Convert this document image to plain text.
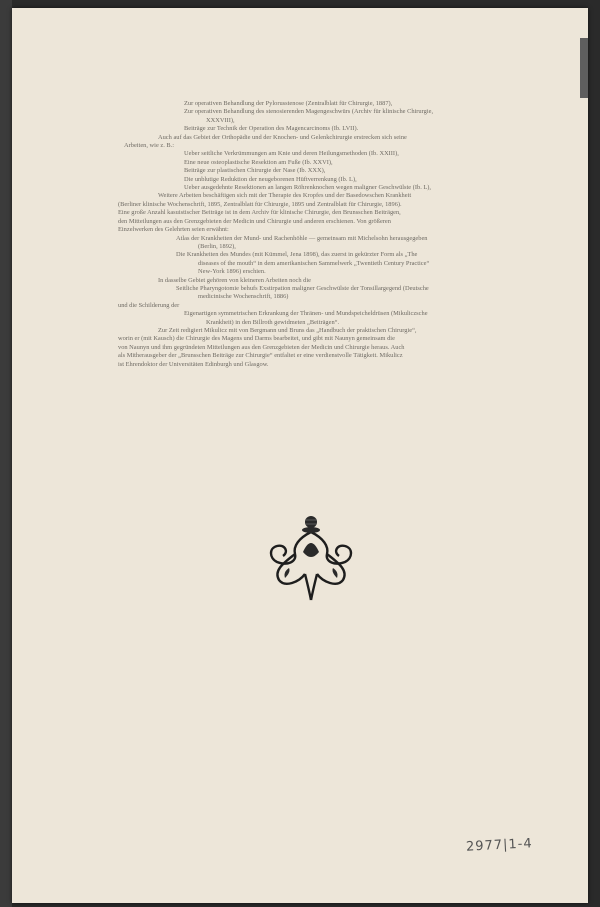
Zur operativen Behandlung der Pylorusstenose (Zentralblatt für Chirurgie, 1887),

Zur operativen Behandlung des stenosierenden Magengeschwürs (Archiv für klinische Chirurgie,

XXXVIII),

Beiträge zur Technik der Operation des Magencarcinoms (Ib. LVII).

Auch auf das Gebiet der Orthopädie und der Knochen- und Gelenkchirurgie erstrecken sich seine

Arbeiten, wie z. B.:

Ueber seitliche Verkrümmungen am Knie und deren Heilungsmethoden (Ib. XXIII),

Eine neue osteoplastische Resektion am Fuße (Ib. XXVI),

Beiträge zur plastischen Chirurgie der Nase (Ib. XXX),

Die unblutige Reduktion der neugeborenen Hüftverrenkung (Ib. L),

Ueber ausgedehnte Resektionen an langen Röhrenknochen wegen maligner Geschwülste (Ib. L),

Weitere Arbeiten beschäftigen sich mit der Therapie des Kropfes und der Basedowschen Krankheit

(Berliner klinische Wochenschrift, 1895, Zentralblatt für Chirurgie, 1895 und Zentralblatt für Chirurgie, 1896).

Eine große Anzahl kasuistischer Beiträge ist in dem Archiv für klinische Chirurgie, den Brunsschen Beiträgen,

den Mitteilungen aus den Grenzgebieten der Medicin und Chirurgie und anderen erschienen. Von größeren

Einzelwerken des Gelehrten seien erwähnt:

Atlas der Krankheiten der Mund- und Rachenhöhle — gemeinsam mit Michelsohn herausgegeben

(Berlin, 1892),

Die Krankheiten des Mundes (mit Kümmel, Jena 1898), das zuerst in gekürzter Form als „The

diseases of the mouth“ in dem amerikanischen Sammelwerk „Twentieth Century Practice“

New-York 1896) erschien.

In dasselbe Gebiet gehören von kleineren Arbeiten noch die

Seitliche Pharyngotomie behufs Exstirpation maligner Geschwülste der Tonsillargegend (Deutsche

medicinische Wochenschrift, 1886)

und die Schilderung der

Eigenartigen symmetrischen Erkrankung der Thränen- und Mundspeicheldrüsen (Mikuliczsche

Krankheit) in den Billroth gewidmeten „Beiträgen“.

Zur Zeit redigiert Mikulicz mit von Bergmann und Bruns das „Handbuch der praktischen Chirurgie“,

worin er (mit Kausch) die Chirurgie des Magens und Darms bearbeitet, und gibt mit Naunyn gemeinsam die

von Naunyn und ihm gegründeten Mitteilungen aus den Grenzgebieten der Medicin und Chirurgie heraus. Auch

als Mitherausgeber der „Brunsschen Beiträge zur Chirurgie“ entfaltet er eine verdienstvolle Tätigkeit. Mikulicz

ist Ehrendoktor der Universitäten Edinburgh und Glasgow.

2977|1-4
